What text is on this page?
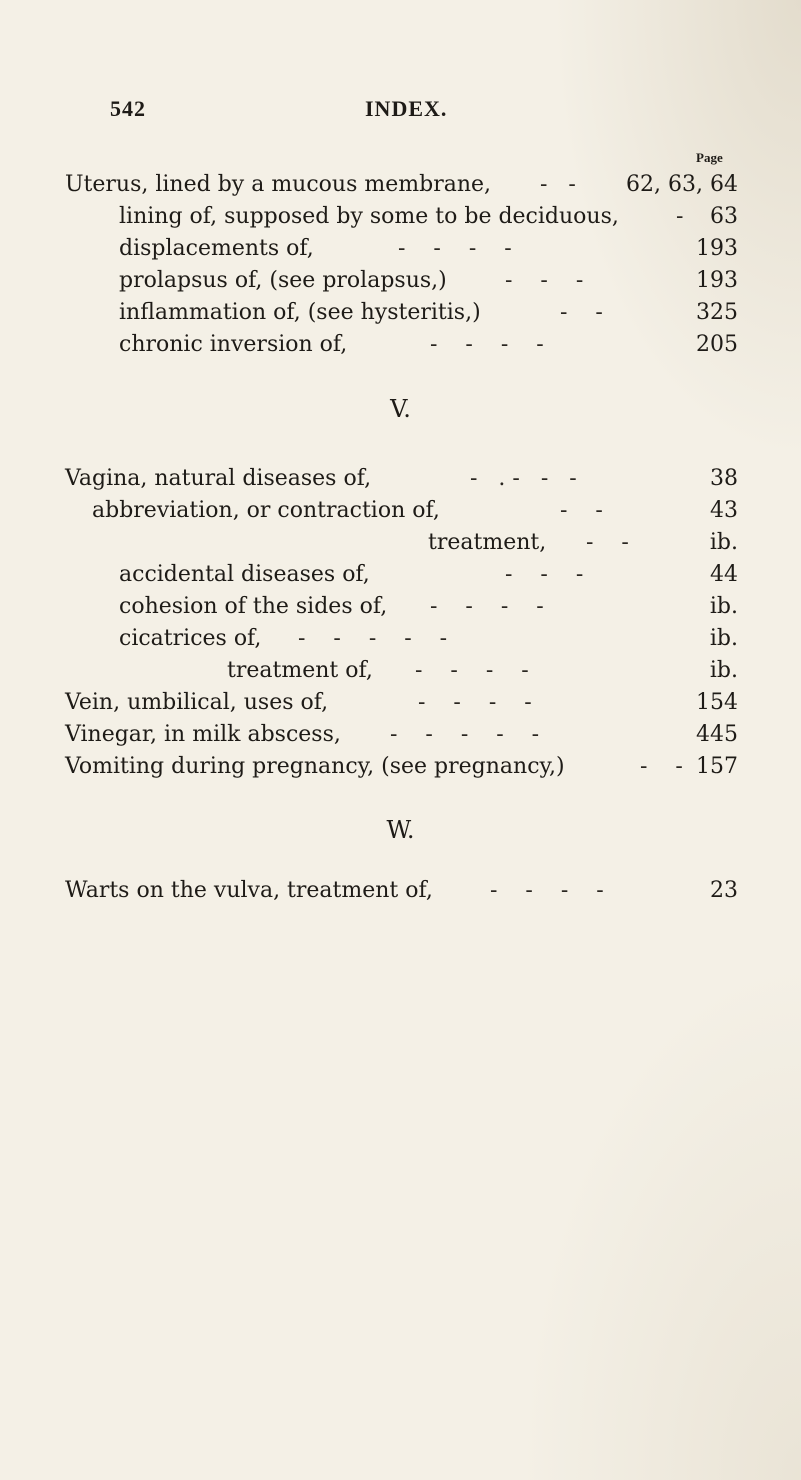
542	INDEX.
Page
Uterus, lined by a mucous membrane, -   - 62, 63, 64
lining of, supposed by some to be deciduous,	- 63
displacements of,	-    -    -    -	193
prolapsus of, (see prolapsus,)	-    -    -	193
inflammation of, (see hysteritis,)	-    -	325
chronic inversion of,	-    -    -    -	205
V.
Vagina, natural diseases of,	-   . -   -   -	38
abbreviation, or contraction of,	-    -	43
treatment, -    -	ib.
accidental diseases of,	-    -    -	44
cohesion of the sides of, -    -    -    -	ib.
cicatrices of, -    -    -    -    -	ib.
treatment of, -    -    -    -	ib.
Vein, umbilical, uses of,	-    -    -    -	154
Vinegar, in milk abscess, -    -    -    -    -	445
Vomiting during pregnancy, (see pregnancy,)	-    - 157
W.
Warts on the vulva, treatment of,	-    -    -    -	23
